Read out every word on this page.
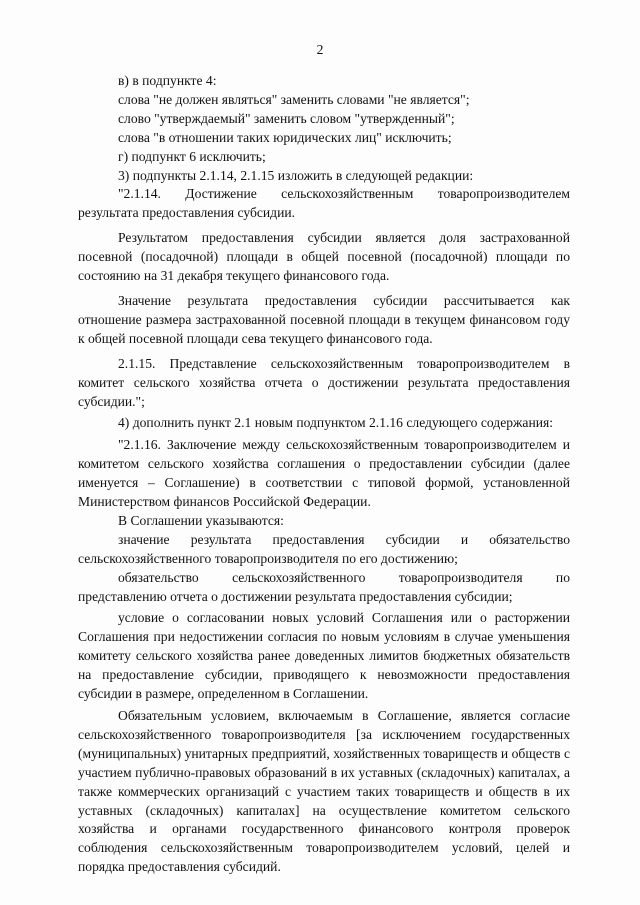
2

в) в подпункте 4:

слова "не должен являться" заменить словами "не является";

слово "утверждаемый" заменить словом "утвержденный";

слова "в отношении таких юридических лиц" исключить;

г) подпункт 6 исключить;

3) подпункты 2.1.14, 2.1.15 изложить в следующей редакции:

"2.1.14. Достижение сельскохозяйственным товаропроизводителем результата предоставления субсидии.

Результатом предоставления субсидии является доля застрахованной посевной (посадочной) площади в общей посевной (посадочной) площади по состоянию на 31 декабря текущего финансового года.

Значение результата предоставления субсидии рассчитывается как отношение размера застрахованной посевной площади в текущем финансовом году к общей посевной площади сева текущего финансового года.

2.1.15. Представление сельскохозяйственным товаропроизводителем в комитет сельского хозяйства отчета о достижении результата предоставления субсидии.";

4) дополнить пункт 2.1 новым подпунктом 2.1.16 следующего содержания:

"2.1.16. Заключение между сельскохозяйственным товаропроизводителем и комитетом сельского хозяйства соглашения о предоставлении субсидии (далее именуется – Соглашение) в соответствии с типовой формой, установленной Министерством финансов Российской Федерации.

В Соглашении указываются:

значение результата предоставления субсидии и обязательство сельскохозяйственного товаропроизводителя по его достижению;

обязательство сельскохозяйственного товаропроизводителя по представлению отчета о достижении результата предоставления субсидии;

условие о согласовании новых условий Соглашения или о расторжении Соглашения при недостижении согласия по новым условиям в случае уменьшения комитету сельского хозяйства ранее доведенных лимитов бюджетных обязательств на предоставление субсидии, приводящего к невозможности предоставления субсидии в размере, определенном в Соглашении.

Обязательным условием, включаемым в Соглашение, является согласие сельскохозяйственного товаропроизводителя [за исключением государственных (муниципальных) унитарных предприятий, хозяйственных товариществ и обществ с участием публично-правовых образований в их уставных (складочных) капиталах, а также коммерческих организаций с участием таких товариществ и обществ в их уставных (складочных) капиталах] на осуществление комитетом сельского хозяйства и органами государственного финансового контроля проверок соблюдения сельскохозяйственным товаропроизводителем условий, целей и порядка предоставления субсидий.
